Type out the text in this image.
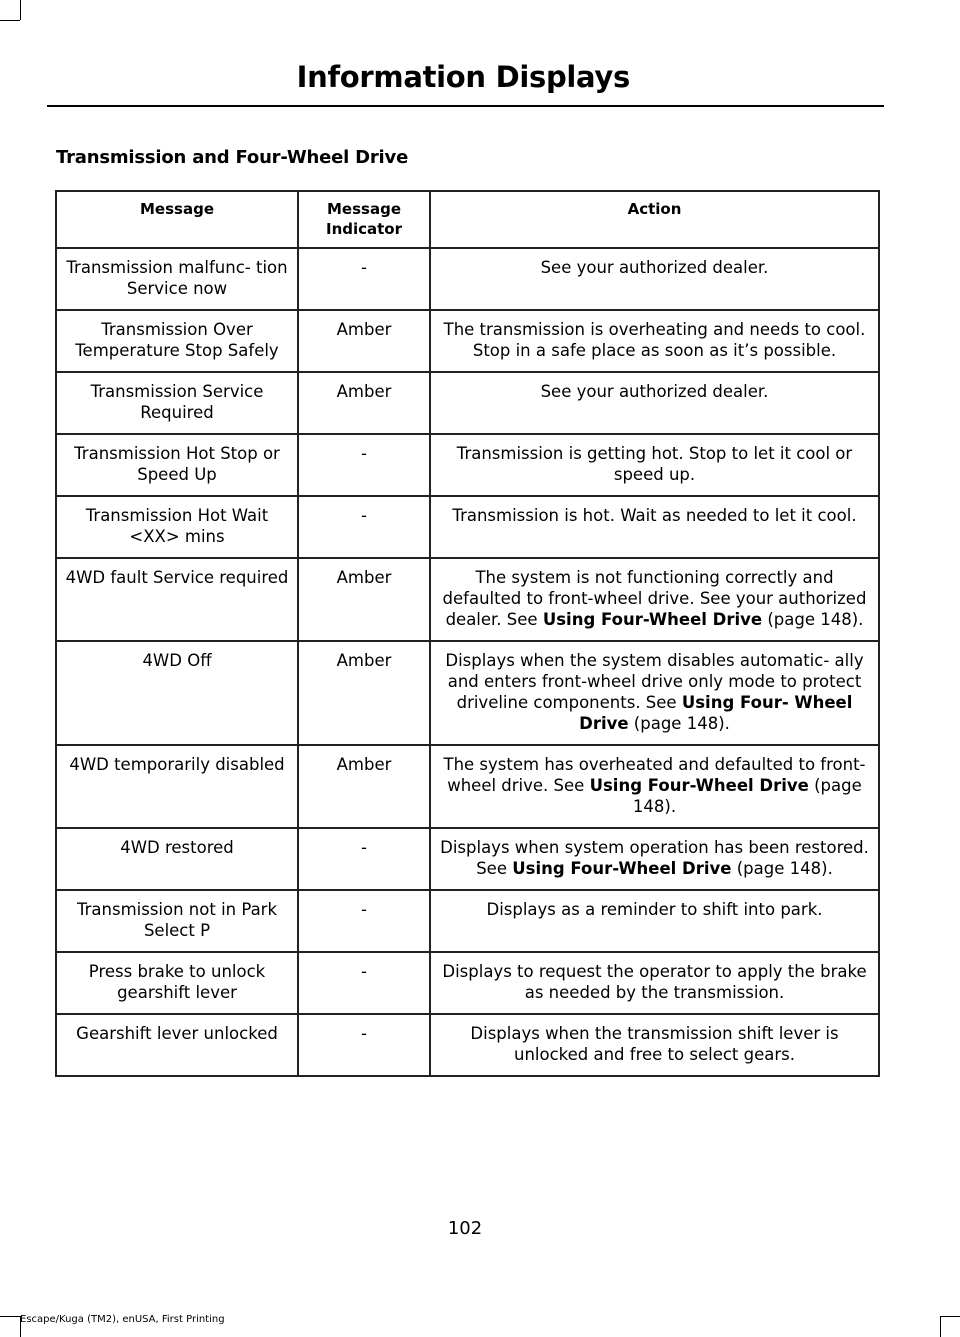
Information Displays
Transmission and Four-Wheel Drive
Message	Message Indicator	Action
Transmission malfunc- tion Service now	-	See your authorized dealer.
Transmission Over Temperature Stop Safely	Amber	The transmission is overheating and needs to cool. Stop in a safe place as soon as it’s possible.
Transmission Service Required	Amber	See your authorized dealer.
Transmission Hot Stop or Speed Up	-	Transmission is getting hot. Stop to let it cool or speed up.
Transmission Hot Wait <XX> mins	-	Transmission is hot. Wait as needed to let it cool.
4WD fault Service required	Amber	The system is not functioning correctly and defaulted to front-wheel drive. See your authorized dealer. See Using Four-Wheel Drive (page 148).
4WD Off	Amber	Displays when the system disables automatic- ally and enters front-wheel drive only mode to protect driveline components. See Using Four- Wheel Drive (page 148).
4WD temporarily disabled	Amber	The system has overheated and defaulted to front-wheel drive. See Using Four-Wheel Drive (page 148).
4WD restored	-	Displays when system operation has been restored. See Using Four-Wheel Drive (page 148).
Transmission not in Park Select P	-	Displays as a reminder to shift into park.
Press brake to unlock gearshift lever	-	Displays to request the operator to apply the brake as needed by the transmission.
Gearshift lever unlocked	-	Displays when the transmission shift lever is unlocked and free to select gears.
102
Escape/Kuga (TM2), enUSA, First Printing
